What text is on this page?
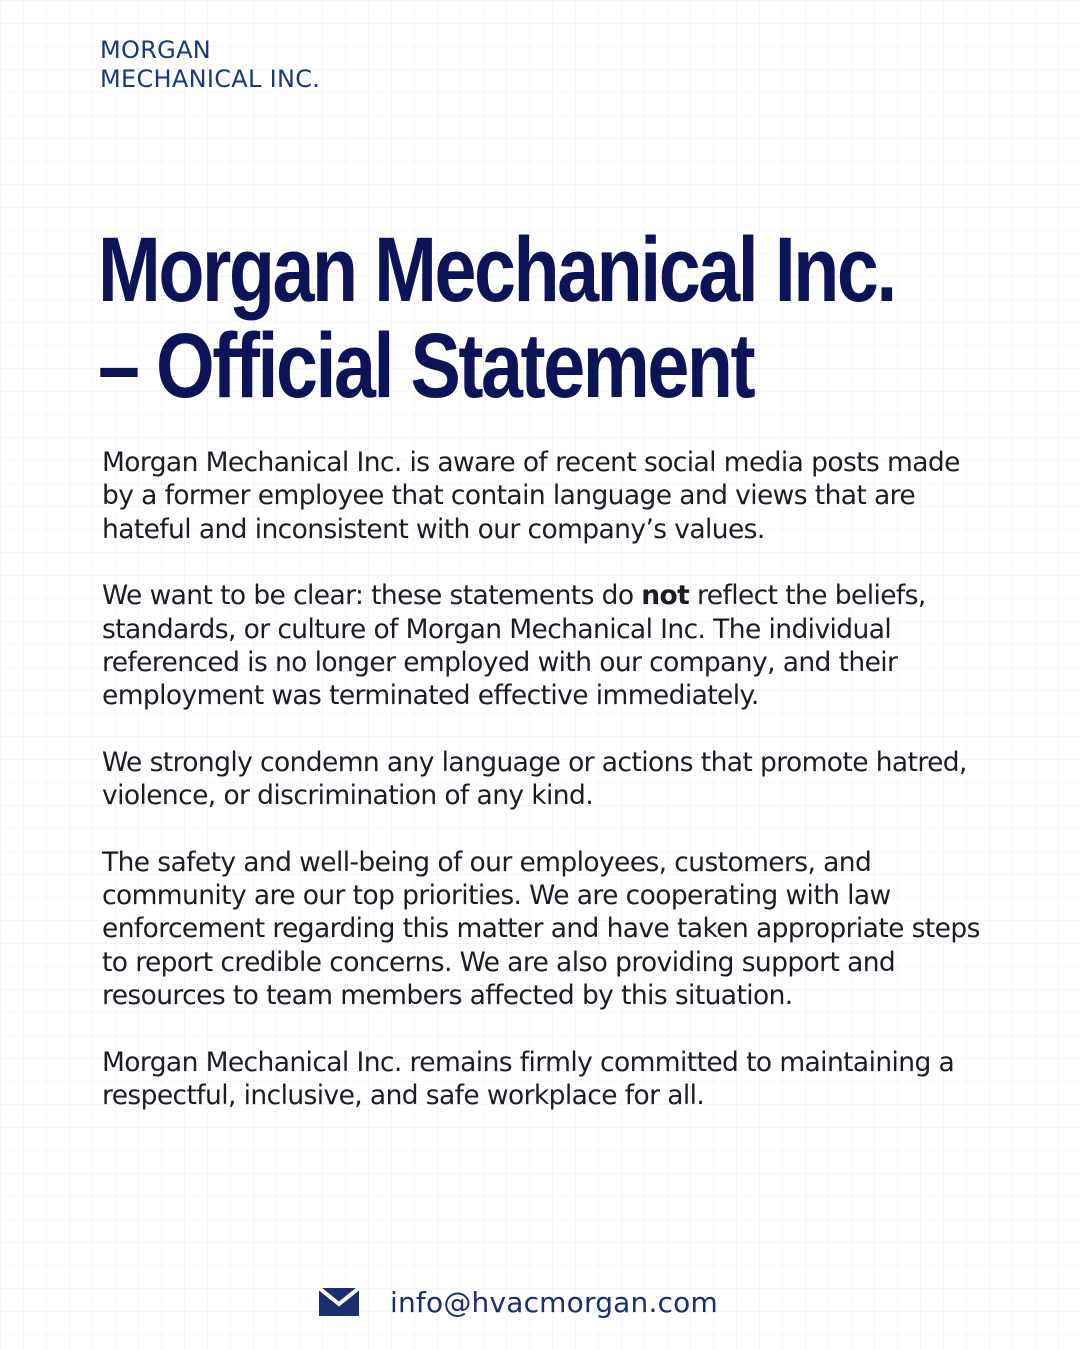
MORGAN
MECHANICAL INC.
Morgan Mechanical Inc.
– Official Statement

Morgan Mechanical Inc. is aware of recent social media posts made by a former employee that contain language and views that are hateful and inconsistent with our company’s values.

We want to be clear: these statements do not reflect the beliefs, standards, or culture of Morgan Mechanical Inc. The individual referenced is no longer employed with our company, and their employment was terminated effective immediately.

We strongly condemn any language or actions that promote hatred, violence, or discrimination of any kind.

The safety and well-being of our employees, customers, and community are our top priorities. We are cooperating with law enforcement regarding this matter and have taken appropriate steps to report credible concerns. We are also providing support and resources to team members affected by this situation.

Morgan Mechanical Inc. remains firmly committed to maintaining a respectful, inclusive, and safe workplace for all.

info@hvacmorgan.com
